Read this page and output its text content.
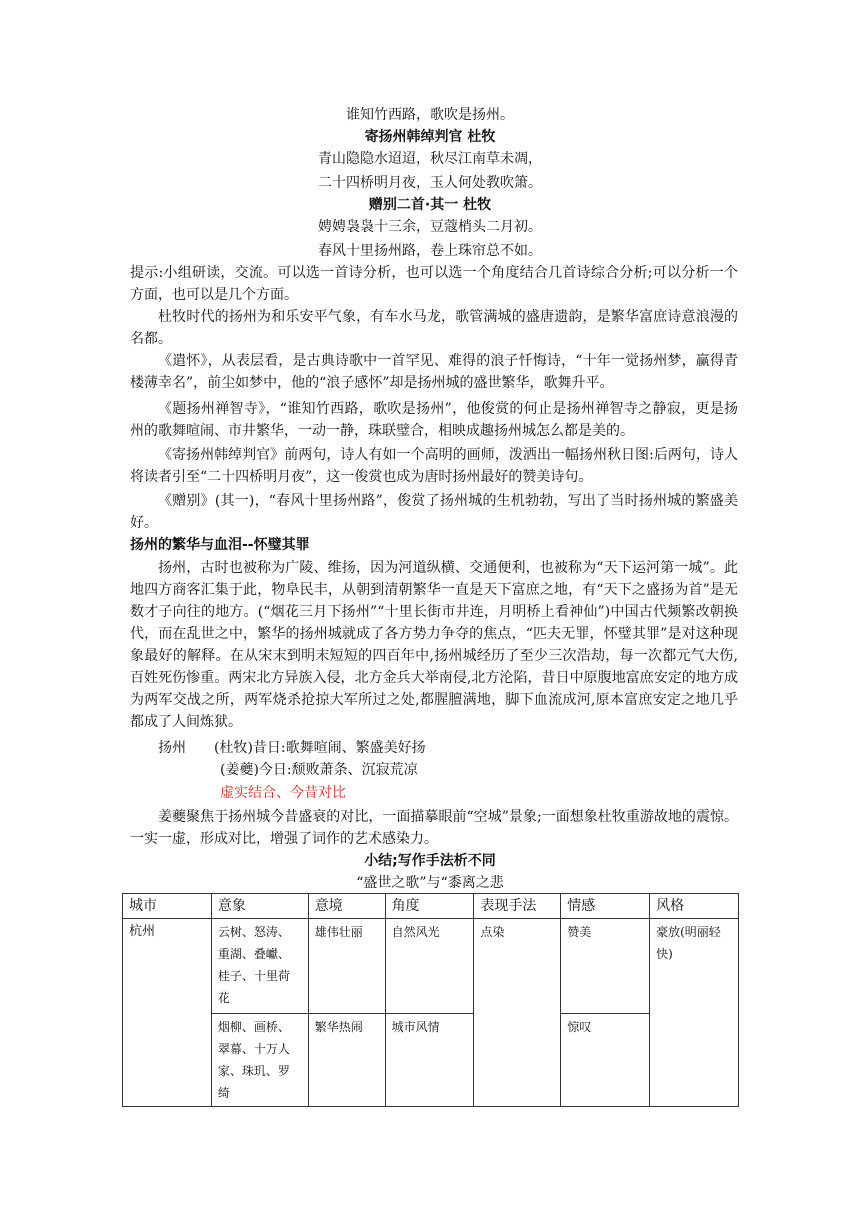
谁知竹西路，歌吹是扬州。
寄扬州韩绰判官 杜牧
青山隐隐水迢迢，秋尽江南草未凋，
二十四桥明月夜，玉人何处教吹箫。
赠别二首·其一 杜牧
娉娉袅袅十三余，豆蔻梢头二月初。
春风十里扬州路，卷上珠帘总不如。
提示:小组研读，交流。可以选一首诗分析，也可以选一个角度结合几首诗综合分析;可以分析一个方面，也可以是几个方面。
杜牧时代的扬州为和乐安平气象，有车水马龙，歌管满城的盛唐遗韵，是繁华富庶诗意浪漫的名都。
《遣怀》，从表层看，是古典诗歌中一首罕见、难得的浪子忏悔诗，“十年一觉扬州梦，赢得青楼薄幸名”，前尘如梦中，他的“浪子感怀”却是扬州城的盛世繁华，歌舞升平。
《题扬州禅智寺》，“谁知竹西路，歌吹是扬州”，他俊赏的何止是扬州禅智寺之静寂，更是扬州的歌舞喧闹、市井繁华，一动一静，珠联璧合，相映成趣扬州城怎么都是美的。
《寄扬州韩绰判官》前两句，诗人有如一个高明的画师，泼洒出一幅扬州秋日图:后两句，诗人将读者引至“二十四桥明月夜”，这一俊赏也成为唐时扬州最好的赞美诗句。
《赠别》(其一)，“春风十里扬州路”，俊赏了扬州城的生机勃勃，写出了当时扬州城的繁盛美好。
扬州的繁华与血泪--怀璧其罪
扬州，古时也被称为广陵、维扬，因为河道纵横、交通便利，也被称为“天下运河第一城”。此地四方商客汇集于此，物阜民丰，从朝到清朝繁华一直是天下富庶之地，有“天下之盛扬为首”是无数才子向往的地方。(“烟花三月下扬州”“十里长街市井连，月明桥上看神仙”)中国古代频繁改朝换代，而在乱世之中，繁华的扬州城就成了各方势力争夺的焦点，“匹夫无罪，怀璧其罪”是对这种现象最好的解释。在从宋末到明末短短的四百年中,扬州城经历了至少三次浩劫，每一次都元气大伤,百姓死伤惨重。两宋北方异族入侵，北方金兵大举南侵,北方沦陷，昔日中原腹地富庶安定的地方成为两军交战之所，两军烧杀抢掠大军所过之处,都腥膻满地，脚下血流成河,原本富庶安定之地几乎都成了人间炼狱。
扬州 (杜牧)昔日:歌舞喧闹、繁盛美好扬
(姜夔)今日:颓败萧条、沉寂荒凉
虚实结合、今昔对比
姜夔聚焦于扬州城今昔盛衰的对比，一面描摹眼前“空城”景象;一面想象杜牧重游故地的震惊。一实一虚，形成对比，增强了词作的艺术感染力。
小结;写作手法析不同
“盛世之歌”与“黍离之悲
城市	意象	意境	角度	表现手法	情感	风格
杭州	云树、怒涛、重湖、叠巘、桂子、十里荷花	雄伟壮丽	自然风光	点染	赞美	豪放(明丽轻快)
	烟柳、画桥、翠幕、十万人家、珠玑、罗绮	繁华热闹	城市风情		惊叹	
